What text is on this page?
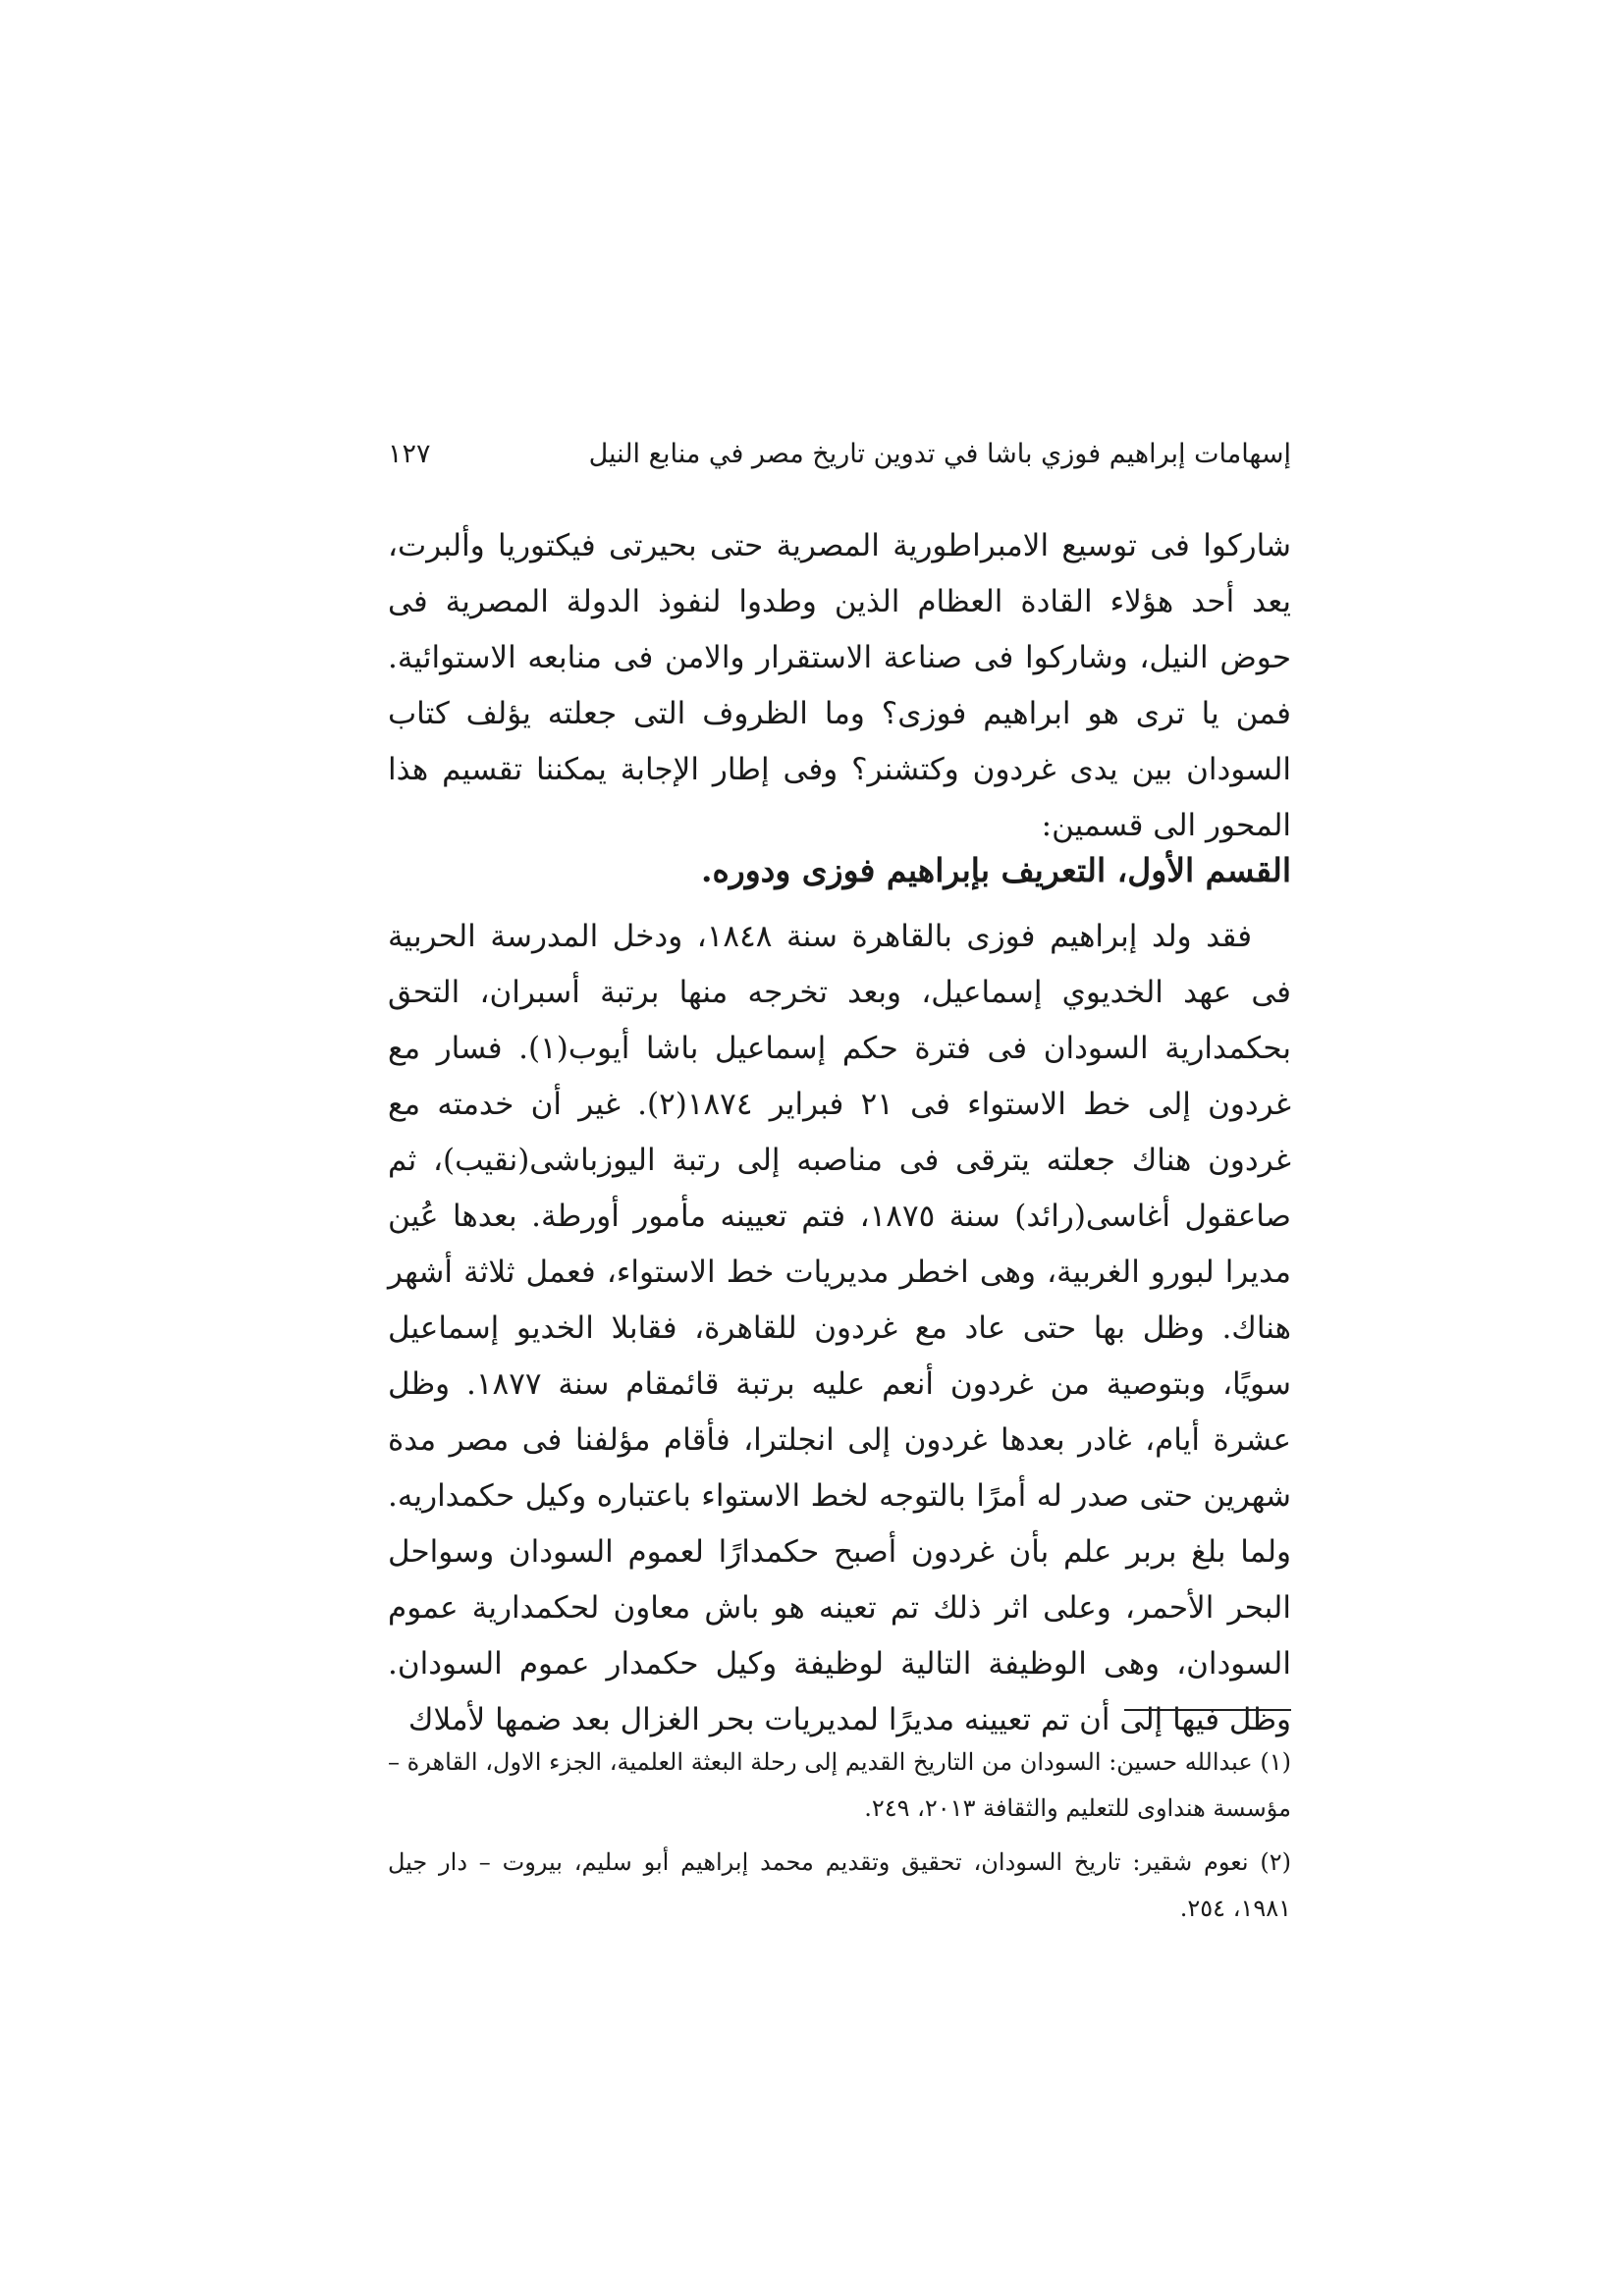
إسهامات إبراهيم فوزي باشا في تدوين تاريخ مصر في منابع النيل
١٢٧

شاركوا فى توسيع الامبراطورية المصرية حتى بحيرتى فيكتوريا وألبرت، يعد أحد هؤلاء القادة العظام الذين وطدوا لنفوذ الدولة المصرية فى حوض النيل، وشاركوا فى صناعة الاستقرار والامن فى منابعه الاستوائية. فمن يا ترى هو ابراهيم فوزى؟ وما الظروف التى جعلته يؤلف كتاب السودان بين يدى غردون وكتشنر؟ وفى إطار الإجابة يمكننا تقسيم هذا المحور الى قسمين:

القسم الأول، التعريف بإبراهيم فوزى ودوره.

فقد ولد إبراهيم فوزى بالقاهرة سنة ١٨٤٨، ودخل المدرسة الحربية فى عهد الخديوي إسماعيل، وبعد تخرجه منها برتبة أسبران، التحق بحكمدارية السودان فى فترة حكم إسماعيل باشا أيوب(١). فسار مع غردون إلى خط الاستواء فى ٢١ فبراير ١٨٧٤(٢). غير أن خدمته مع غردون هناك جعلته يترقى فى مناصبه إلى رتبة اليوزباشى(نقيب)، ثم صاعقول أغاسى(رائد) سنة ١٨٧٥، فتم تعيينه مأمور أورطة. بعدها عُين مديرا لبورو الغربية، وهى اخطر مديريات خط الاستواء، فعمل ثلاثة أشهر هناك. وظل بها حتى عاد مع غردون للقاهرة، فقابلا الخديو إسماعيل سويًا، وبتوصية من غردون أنعم عليه برتبة قائمقام سنة ١٨٧٧. وظل عشرة أيام، غادر بعدها غردون إلى انجلترا، فأقام مؤلفنا فى مصر مدة شهرين حتى صدر له أمرًا بالتوجه لخط الاستواء باعتباره وكيل حكمداريه. ولما بلغ بربر علم بأن غردون أصبح حكمدارًا لعموم السودان وسواحل البحر الأحمر، وعلى اثر ذلك تم تعينه هو باش معاون لحكمدارية عموم السودان، وهى الوظيفة التالية لوظيفة وكيل حكمدار عموم السودان. وظل فيها إلى أن تم تعيينه مديرًا لمديريات بحر الغزال بعد ضمها لأملاك

(١) عبدالله حسين: السودان من التاريخ القديم إلى رحلة البعثة العلمية، الجزء الاول، القاهرة – مؤسسة هنداوى للتعليم والثقافة ٢٠١٣، ٢٤٩.

(٢) نعوم شقير: تاريخ السودان، تحقيق وتقديم محمد إبراهيم أبو سليم، بيروت – دار جيل ١٩٨١، ٢٥٤.
